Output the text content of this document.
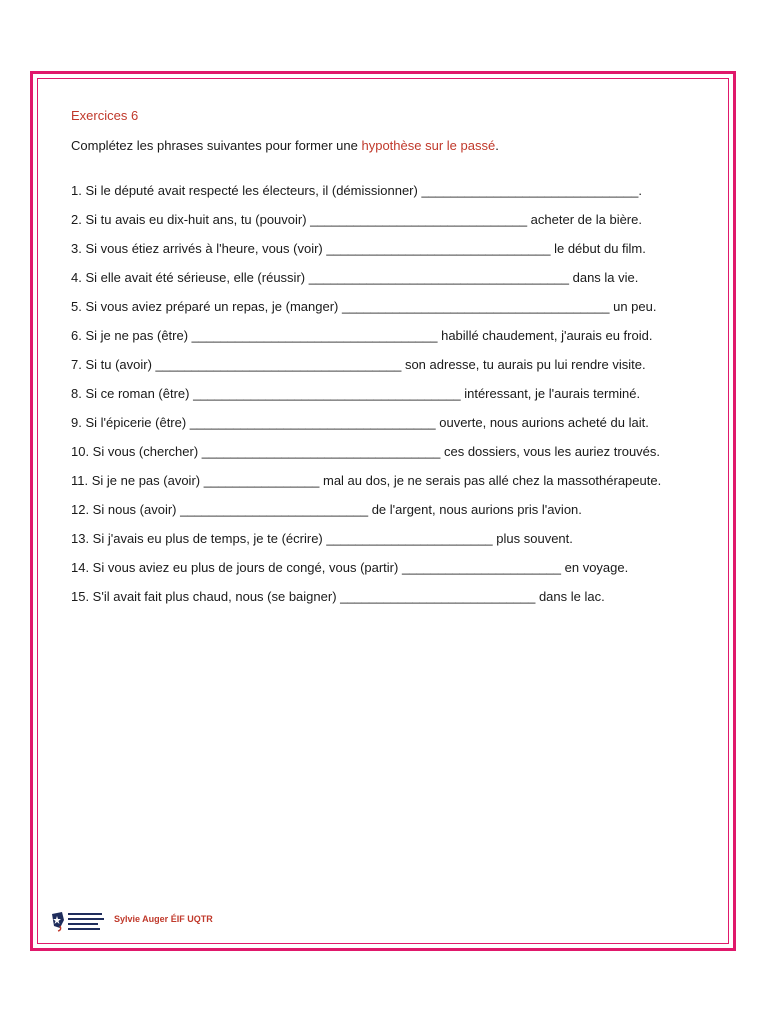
Exercices 6

Complétez les phrases suivantes pour former une hypothèse sur le passé.

1. Si le député avait respecté les électeurs, il (démissionner) ______________________________.
2. Si tu avais eu dix-huit ans, tu (pouvoir) ______________________________ acheter de la bière.
3. Si vous étiez arrivés à l'heure, vous (voir) _______________________________ le début du film.
4. Si elle avait été sérieuse, elle (réussir) ____________________________________ dans la vie.
5. Si vous aviez préparé un repas, je (manger) _____________________________________ un peu.
6. Si je ne pas (être) __________________________________ habillé chaudement, j'aurais eu froid.
7. Si tu (avoir) __________________________________ son adresse, tu aurais pu lui rendre visite.
8. Si ce roman (être) _____________________________________ intéressant, je l'aurais terminé.
9. Si l'épicerie (être) __________________________________ ouverte, nous aurions acheté du lait.
10. Si vous (chercher) _________________________________ ces dossiers, vous les auriez trouvés.
11. Si je ne pas (avoir) ________________ mal au dos, je ne serais pas allé chez la massothérapeute.
12. Si nous (avoir) __________________________ de l'argent, nous aurions pris l'avion.
13. Si j'avais eu plus de temps, je te (écrire) _______________________ plus souvent.
14. Si vous aviez eu plus de jours de congé, vous (partir) ______________________ en voyage.
15. S'il avait fait plus chaud, nous (se baigner) ___________________________ dans le lac.
Sylvie Auger ÉIF UQTR
